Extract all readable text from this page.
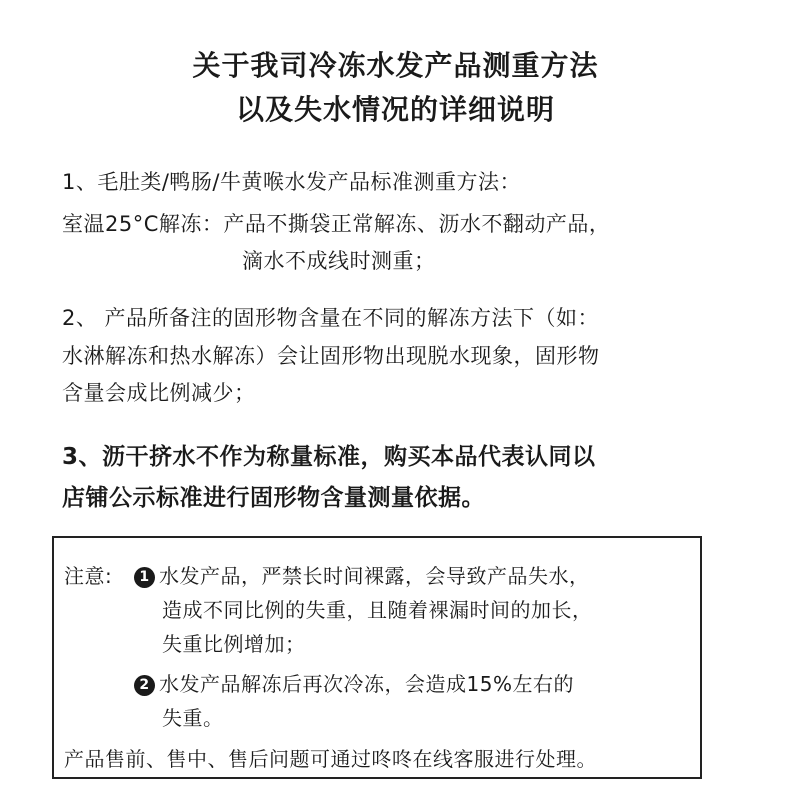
关于我司冷冻水发产品测重方法
以及失水情况的详细说明
1、毛肚类/鸭肠/牛黄喉水发产品标准测重方法：
室温25°C解冻：产品不撕袋正常解冻、沥水不翻动产品，
滴水不成线时测重；
2、 产品所备注的固形物含量在不同的解冻方法下（如：
水淋解冻和热水解冻）会让固形物出现脱水现象，固形物
含量会成比例减少；
3、沥干挤水不作为称量标准，购买本品代表认同以
店铺公示标准进行固形物含量测量依据。
注意:	1 水发产品，严禁长时间裸露，会导致产品失水，
造成不同比例的失重，且随着裸漏时间的加长，
失重比例增加；
2 水发产品解冻后再次冷冻，会造成15%左右的
失重。
产品售前、售中、售后问题可通过咚咚在线客服进行处理。
